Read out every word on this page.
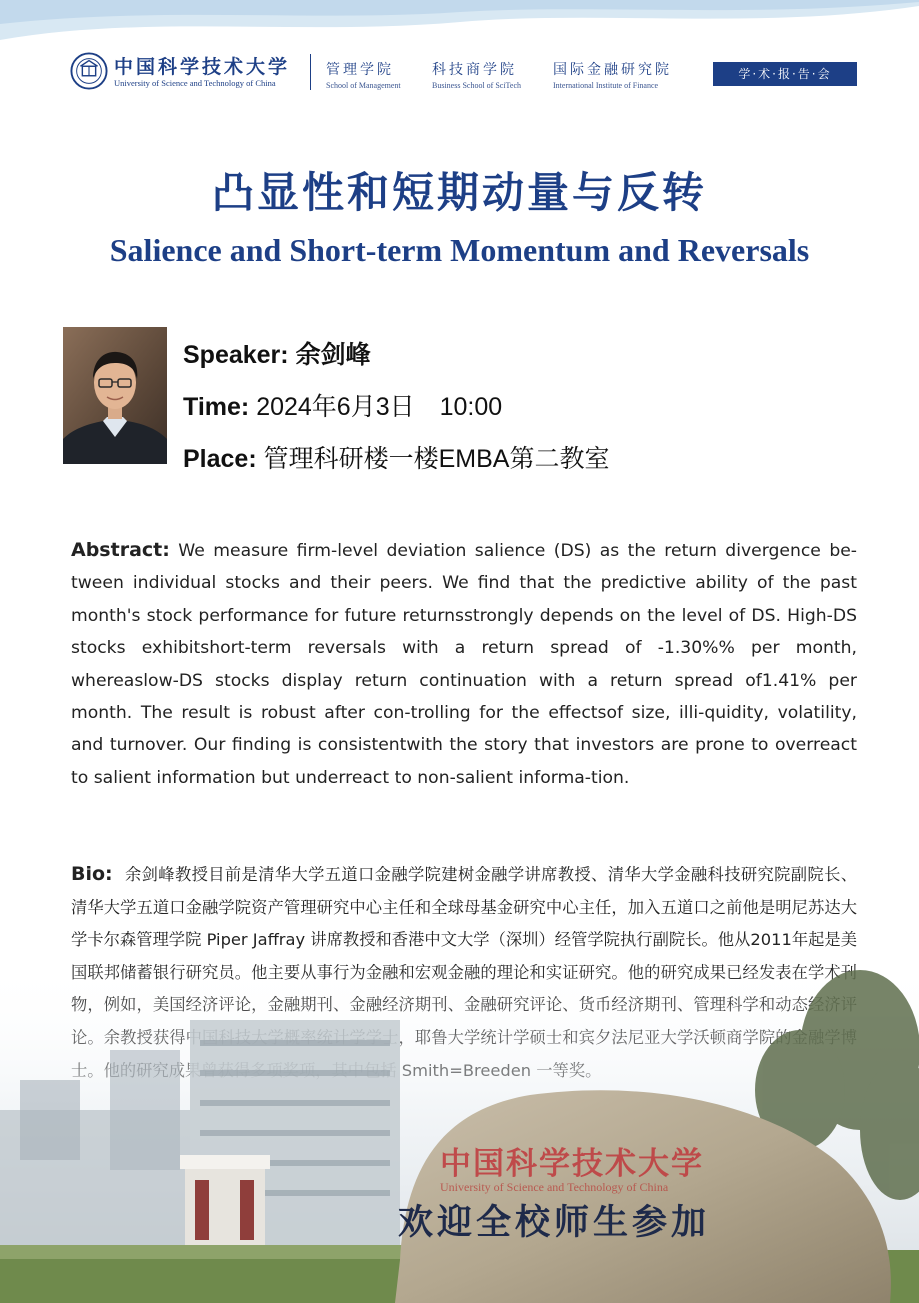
中国科学技术大学
University of Science and Technology of China
管理学院
School of Management
科技商学院
Business School of SciTech
国际金融研究院
International Institute of Finance
学·术·报·告·会
凸显性和短期动量与反转
Salience and Short-term Momentum and Reversals
Speaker: 余剑峰
Time: 2024年6月3日　10:00
Place: 管理科研楼一楼EMBA第二教室
Abstract: We measure firm-level deviation salience (DS) as the return divergence be-tween individual stocks and their peers. We find that the predictive ability of the past month's stock performance for future returnsstrongly depends on the level of DS. High-DS stocks exhibitshort-term reversals with a return spread of -1.30%% per month, whereaslow-DS stocks display return continuation with a return spread of1.41% per month. The result is robust after con-trolling for the effectsof size, illi-quidity, volatility, and turnover. Our finding is consistentwith the story that investors are prone to overreact to salient information but underreact to non-salient informa-tion.
Bio: 余剑峰教授目前是清华大学五道口金融学院建树金融学讲席教授、清华大学金融科技研究院副院长、清华大学五道口金融学院资产管理研究中心主任和全球母基金研究中心主任，加入五道口之前他是明尼苏达大学卡尔森管理学院 Piper Jaffray 讲席教授和香港中文大学（深圳）经管学院执行副院长。他从2011年起是美
中国科学技术大学
University of Science and Technology of China
欢迎全校师生参加
